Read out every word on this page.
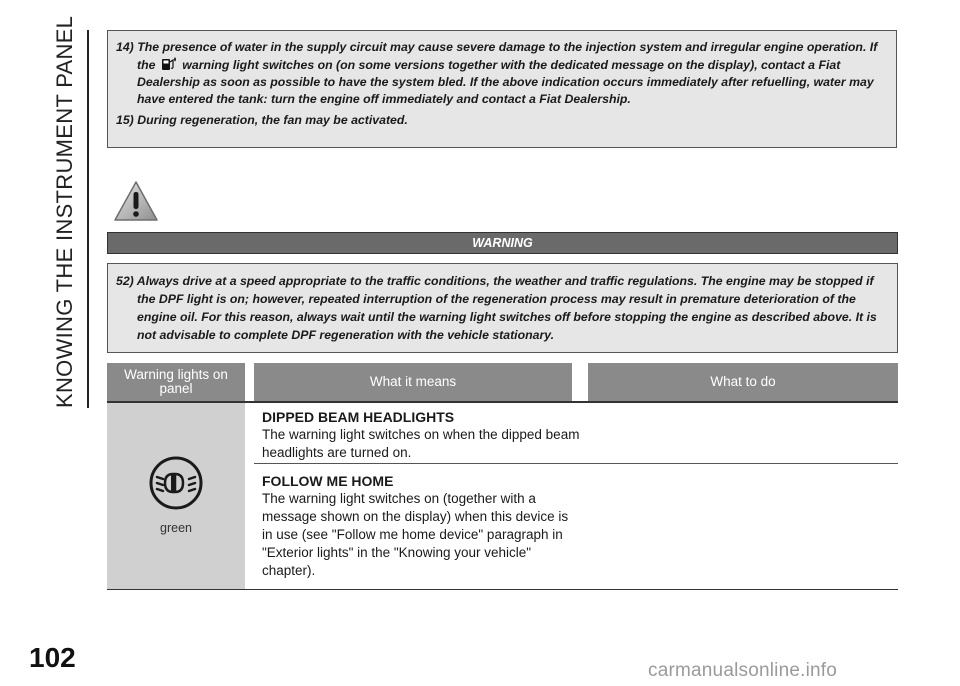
KNOWING THE INSTRUMENT PANEL
102
14) The presence of water in the supply circuit may cause severe damage to the injection system and irregular engine operation. If the warning light switches on (on some versions together with the dedicated message on the display), contact a Fiat Dealership as soon as possible to have the system bled. If the above indication occurs immediately after refuelling, water may have entered the tank: turn the engine off immediately and contact a Fiat Dealership.
15) During regeneration, the fan may be activated.
WARNING
52) Always drive at a speed appropriate to the traffic conditions, the weather and traffic regulations. The engine may be stopped if the DPF light is on; however, repeated interruption of the regeneration process may result in premature deterioration of the engine oil. For this reason, always wait until the warning light switches off before stopping the engine as described above. It is not advisable to complete DPF regeneration with the vehicle stationary.
Warning lights on panel	What it means	What to do
green
DIPPED BEAM HEADLIGHTS
The warning light switches on when the dipped beam headlights are turned on.
FOLLOW ME HOME
The warning light switches on (together with a message shown on the display) when this device is in use (see "Follow me home device" paragraph in "Exterior lights" in the "Knowing your vehicle" chapter).
carmanualsonline.info
